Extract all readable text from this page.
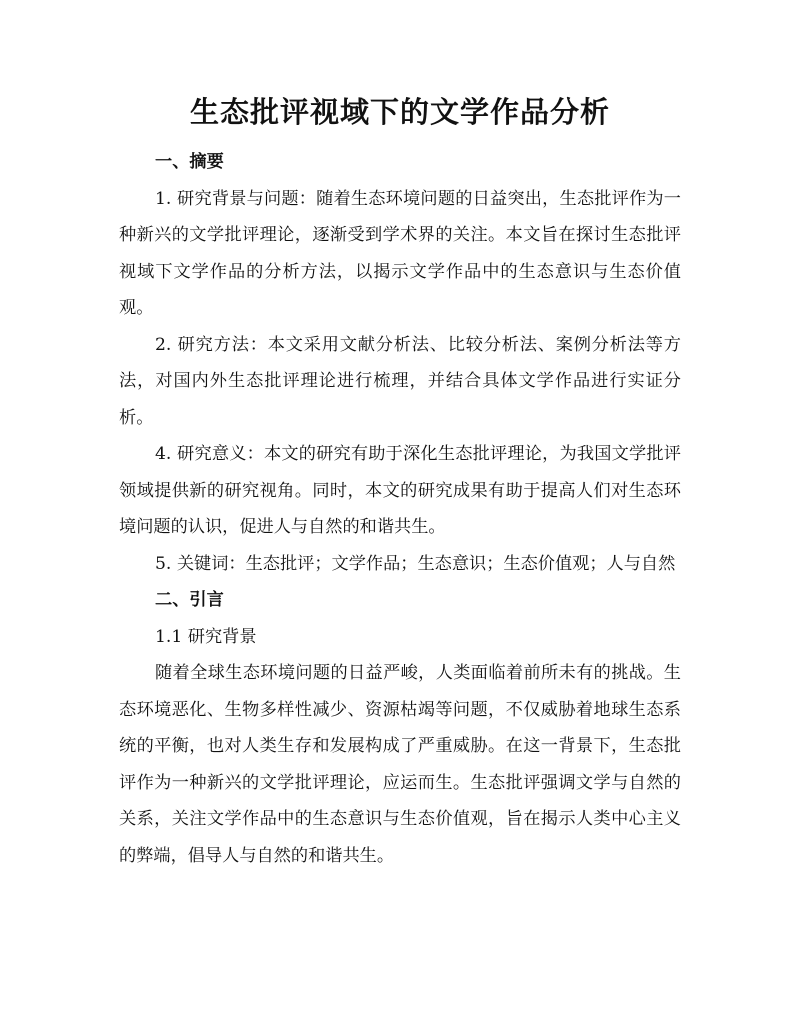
生态批评视域下的文学作品分析
一、摘要

1. 研究背景与问题：随着生态环境问题的日益突出，生态批评作为一种新兴的文学批评理论，逐渐受到学术界的关注。本文旨在探讨生态批评视域下文学作品的分析方法，以揭示文学作品中的生态意识与生态价值观。

2. 研究方法：本文采用文献分析法、比较分析法、案例分析法等方法，对国内外生态批评理论进行梳理，并结合具体文学作品进行实证分析。

4. 研究意义：本文的研究有助于深化生态批评理论，为我国文学批评领域提供新的研究视角。同时，本文的研究成果有助于提高人们对生态环境问题的认识，促进人与自然的和谐共生。

5. 关键词：生态批评；文学作品；生态意识；生态价值观；人与自然

二、引言
1.1 研究背景

随着全球生态环境问题的日益严峻，人类面临着前所未有的挑战。生态环境恶化、生物多样性减少、资源枯竭等问题，不仅威胁着地球生态系统的平衡，也对人类生存和发展构成了严重威胁。在这一背景下，生态批评作为一种新兴的文学批评理论，应运而生。生态批评强调文学与自然的关系，关注文学作品中的生态意识与生态价值观，旨在揭示人类中心主义的弊端，倡导人与自然的和谐共生。
